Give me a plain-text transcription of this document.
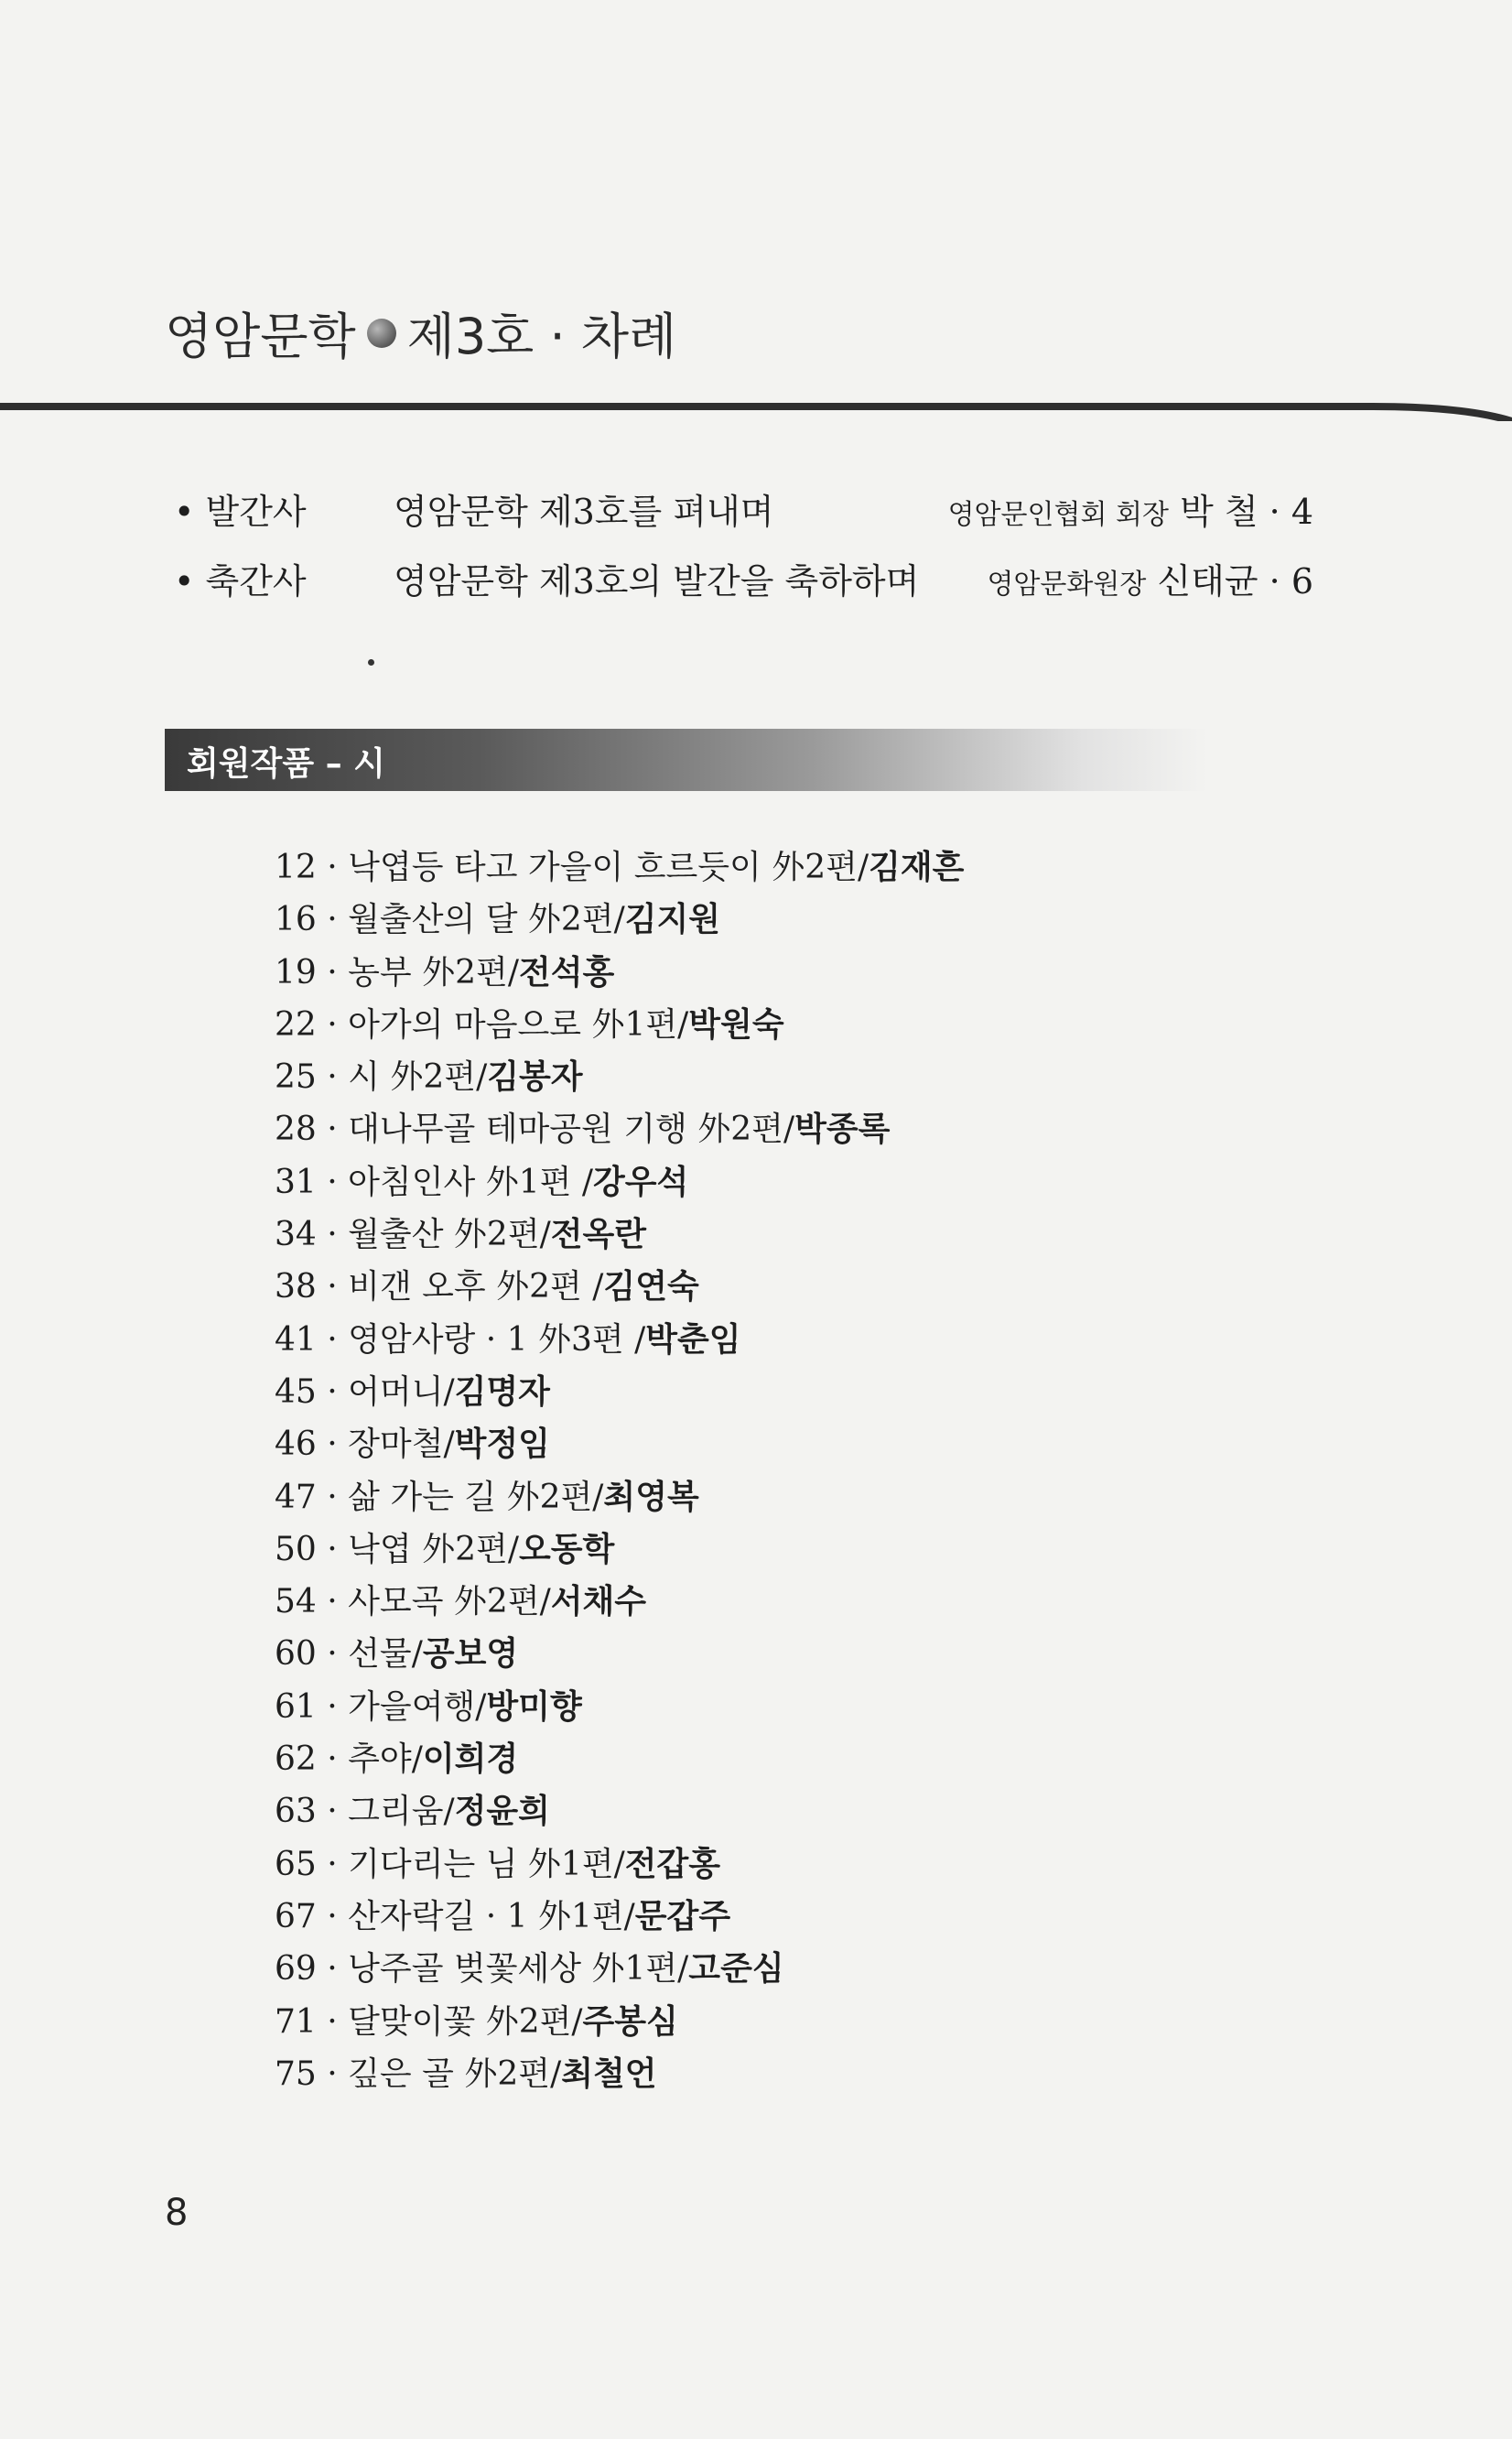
영암문학 제3호 · 차례
• 발간사	영암문학 제3호를 펴내며	영암문인협회 회장 박 철 · 4
• 축간사	영암문학 제3호의 발간을 축하하며 영암문화원장 신태균 · 6
회원작품 – 시
12 · 낙엽등 타고 가을이 흐르듯이 外2편/김재흔
16 · 월출산의 달 外2편/김지원
19 · 농부 外2편/전석홍
22 · 아가의 마음으로 外1편/박원숙
25 · 시 外2편/김봉자
28 · 대나무골 테마공원 기행 外2편/박종록
31 · 아침인사 外1편 /강우석
34 · 월출산 外2편/전옥란
38 · 비갠 오후 外2편 /김연숙
41 · 영암사랑 · 1 外3편 /박춘임
45 · 어머니/김명자
46 · 장마철/박정임
47 · 삶 가는 길 外2편/최영복
50 · 낙엽 外2편/오동학
54 · 사모곡 外2편/서채수
60 · 선물/공보영
61 · 가을여행/방미향
62 · 추야/이희경
63 · 그리움/정윤희
65 · 기다리는 님 外1편/전갑홍
67 · 산자락길 · 1 外1편/문갑주
69 · 낭주골 벚꽃세상 外1편/고준심
71 · 달맞이꽃 外2편/주봉심
75 · 깊은 골 外2편/최철언
8
